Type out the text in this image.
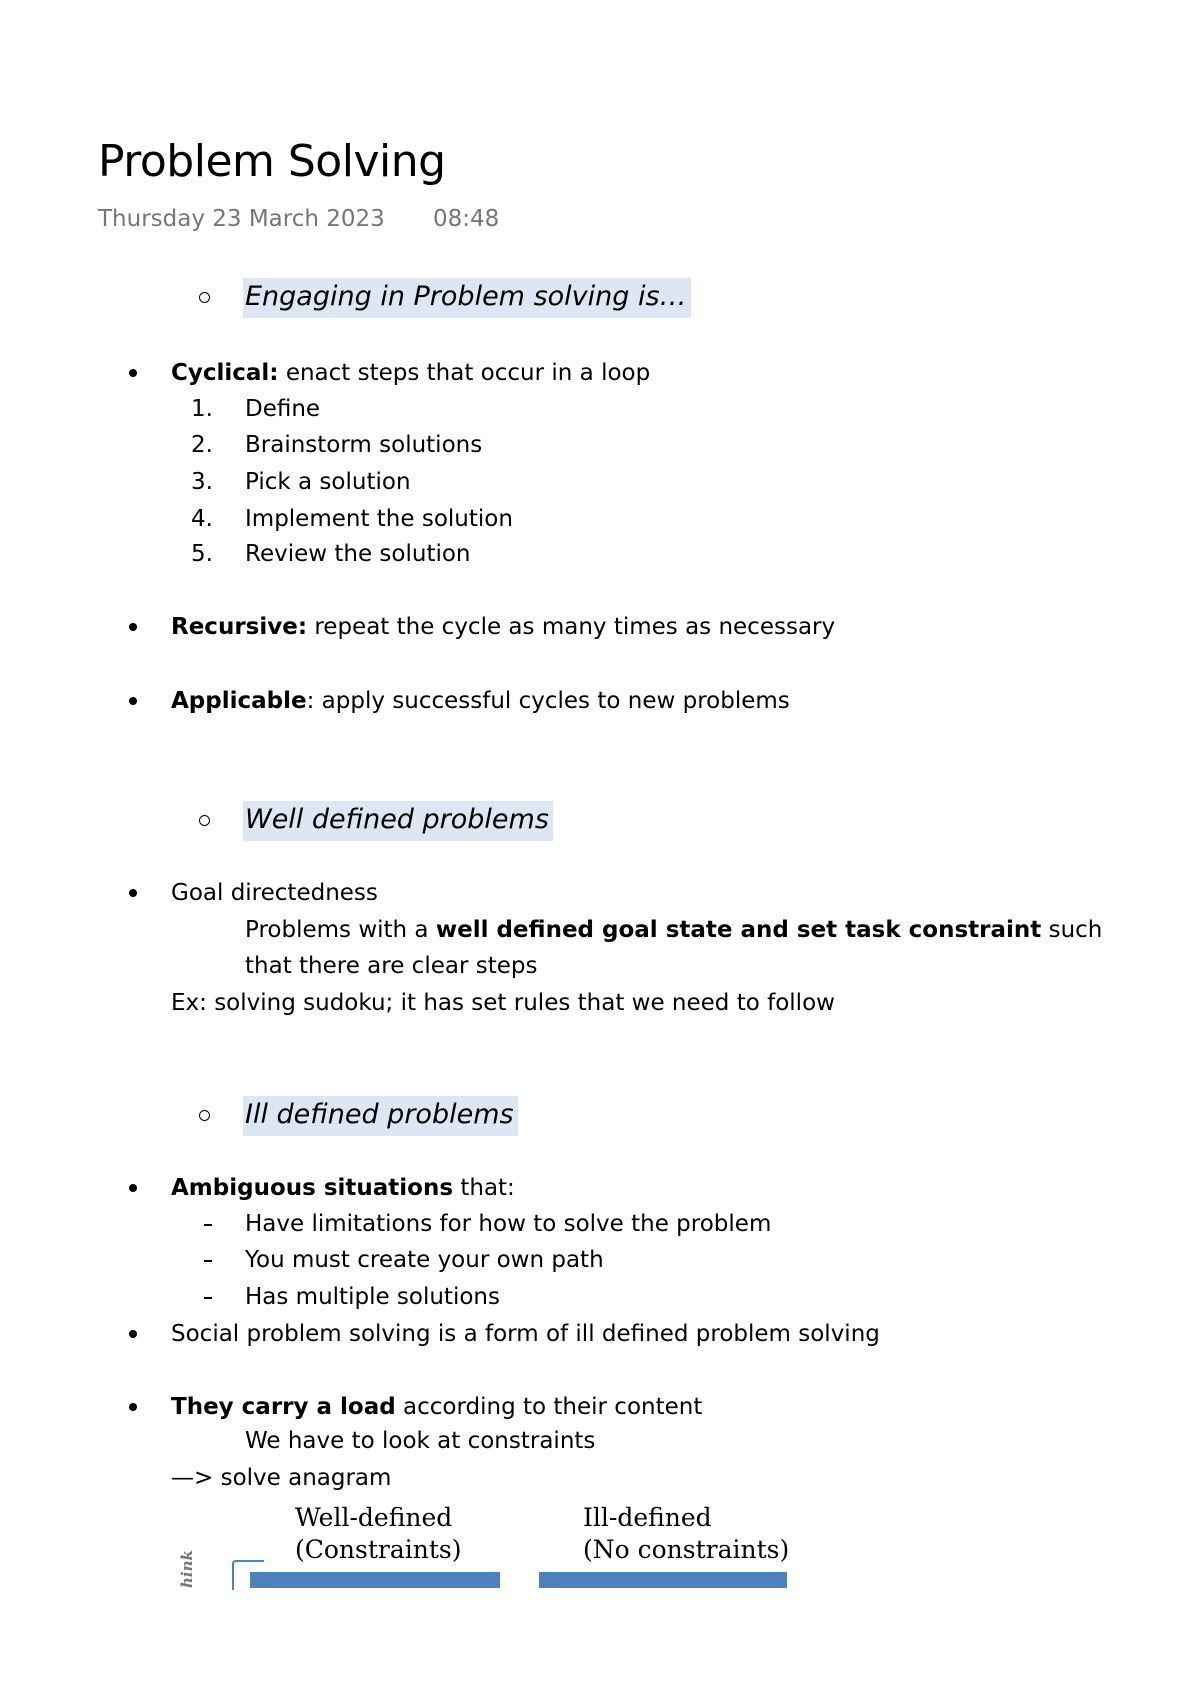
Problem Solving
Thursday 23 March 2023 08:48
Engaging in Problem solving is…
Cyclical: enact steps that occur in a loop
1. Define
2. Brainstorm solutions
3. Pick a solution
4. Implement the solution
5. Review the solution
Recursive: repeat the cycle as many times as necessary
Applicable: apply successful cycles to new problems
Well defined problems
Goal directedness
Problems with a well defined goal state and set task constraint such
that there are clear steps
Ex: solving sudoku; it has set rules that we need to follow
Ill defined problems
Ambiguous situations that:
Have limitations for how to solve the problem
You must create your own path
Has multiple solutions
Social problem solving is a form of ill defined problem solving
They carry a load according to their content
We have to look at constraints
—> solve anagram
hink
Well-defined
(Constraints)
Ill-defined
(No constraints)
